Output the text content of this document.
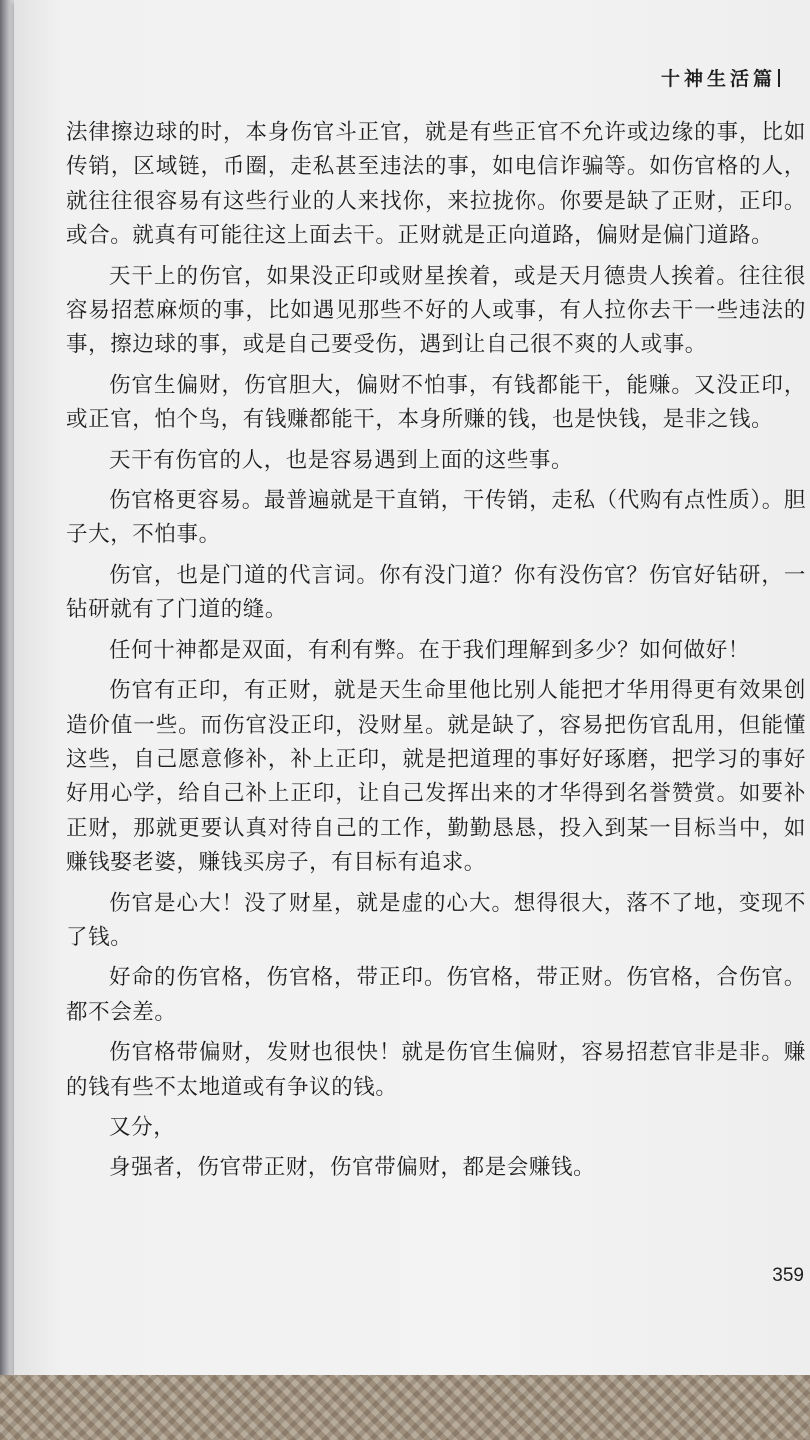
十神生活篇

法律擦边球的时，本身伤官斗正官，就是有些正官不允许或边缘的事，比如传销，区域链，币圈，走私甚至违法的事，如电信诈骗等。如伤官格的人，就往往很容易有这些行业的人来找你，来拉拢你。你要是缺了正财，正印。或合。就真有可能往这上面去干。正财就是正向道路，偏财是偏门道路。

天干上的伤官，如果没正印或财星挨着，或是天月德贵人挨着。往往很容易招惹麻烦的事，比如遇见那些不好的人或事，有人拉你去干一些违法的事，擦边球的事，或是自己要受伤，遇到让自己很不爽的人或事。

伤官生偏财，伤官胆大，偏财不怕事，有钱都能干，能赚。又没正印，或正官，怕个鸟，有钱赚都能干，本身所赚的钱，也是快钱，是非之钱。

天干有伤官的人，也是容易遇到上面的这些事。

伤官格更容易。最普遍就是干直销，干传销，走私（代购有点性质）。胆子大，不怕事。

伤官，也是门道的代言词。你有没门道？你有没伤官？伤官好钻研，一钻研就有了门道的缝。

任何十神都是双面，有利有弊。在于我们理解到多少？如何做好！

伤官有正印，有正财，就是天生命里他比别人能把才华用得更有效果创造价值一些。而伤官没正印，没财星。就是缺了，容易把伤官乱用，但能懂这些，自己愿意修补，补上正印，就是把道理的事好好琢磨，把学习的事好好用心学，给自己补上正印，让自己发挥出来的才华得到名誉赞赏。如要补正财，那就更要认真对待自己的工作，勤勤恳恳，投入到某一目标当中，如赚钱娶老婆，赚钱买房子，有目标有追求。

伤官是心大！没了财星，就是虚的心大。想得很大，落不了地，变现不了钱。

好命的伤官格，伤官格，带正印。伤官格，带正财。伤官格，合伤官。都不会差。

伤官格带偏财，发财也很快！就是伤官生偏财，容易招惹官非是非。赚的钱有些不太地道或有争议的钱。

又分，

身强者，伤官带正财，伤官带偏财，都是会赚钱。

359
